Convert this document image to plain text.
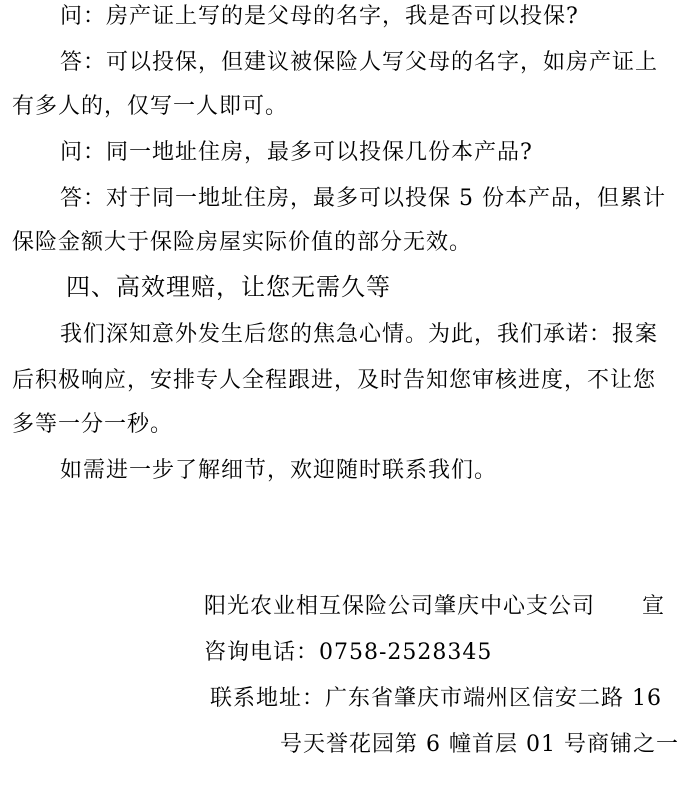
问：房产证上写的是父母的名字，我是否可以投保?
答：可以投保，但建议被保险人写父母的名字，如房产证上
有多人的，仅写一人即可。
问：同一地址住房，最多可以投保几份本产品?
答：对于同一地址住房，最多可以投保 5 份本产品，但累计
保险金额大于保险房屋实际价值的部分无效。
四、高效理赔，让您无需久等
我们深知意外发生后您的焦急心情。为此，我们承诺：报案
后积极响应，安排专人全程跟进，及时告知您审核进度，不让您
多等一分一秒。
如需进一步了解细节，欢迎随时联系我们。
阳光农业相互保险公司肇庆中心支公司 宣
咨询电话：0758-2528345
联系地址：广东省肇庆市端州区信安二路 16
号天誉花园第 6 幢首层 01 号商铺之一
